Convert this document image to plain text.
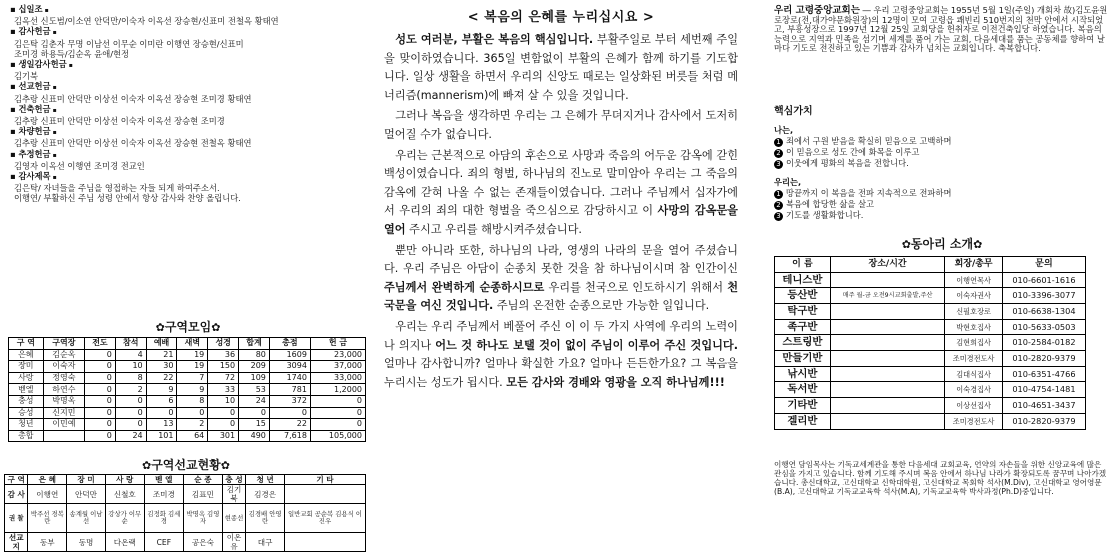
▪ 십일조 ▪
김옥선 신도범/이소연 안덕만/이숙자 이옥선 장승현/신표미 전철옥 황태연
▪ 감사헌금 ▪
김은탁 김춘자 무명 이남선 이무순 이미란 이행연 장승현/신표미
조미경 하용득/김순옥 윤애/현정
▪ 생일감사헌금 ▪
김기북
▪ 선교헌금 ▪
김추랑 신표미 안덕만 이상선 이숙자 이옥선 장승현 조미경 황태연
▪ 건축헌금 ▪
김추랑 신표미 안덕만 이상선 이숙자 이옥선 장승현 조미경
▪ 차량헌금 ▪
김추랑 신표미 안덕만 이상선 이숙자 이옥선 장승현 전철옥 황태연
▪ 추정헌금 ▪
김영자 이옥선 이행연 조미경 전교인
▪ 감사제목 ▪
김은탁/ 자녀들을 주님을 영접하는 자들 되게 하여주소서.
이행연/ 부활하신 주님 성령 안에서 항상 감사와 찬양 올립니다.
✿구역모임✿
구 역	구역장	전도	참석	예배	새벽	성경	합계	총점	헌 금
은혜	김순옥	0	4	21	19	36	80	1609	23,000
장미	이숙자	0	10	30	19	150	209	3094	37,000
사랑	정영숙	0	8	22	7	72	109	1740	33,000
벧엘	하연수	0	2	9	9	33	53	781	1,2000
충성	박명옥	0	0	6	8	10	24	372	0
승성	신지민	0	0	0	0	0	0	0	0
청년	이민예	0	0	13	2	0	15	22	0
총합		0	24	101	64	301	490	7,618	105,000
✿구역선교현황✿
구 역	은 혜	장 미	사 랑	벧 엘	순 종	충 성	청 년	기 타
감 사	이행연	안덕만	신철호	조미경	김표민	김기북	김경은	
권 찰	박주선 경복란	송계월 이남선	강상가 이무순	김정화 김세경	박명옥 김영자	현종선	김경배 안영란	일반교회 공순복 김용식 이진우
선교지	동부	동명	다온랙	CEF	공은숙	이온유	대구	
< 복음의 은혜를 누리십시요 >

성도 여러분, 부활은 복음의 핵심입니다. 부활주일로 부터 세번째 주일을 맞이하였습니다. 365일 변함없이 부활의 은혜가 함께 하기를 기도합니다. 일상 생활을 하면서 우리의 신앙도 때로는 일상화된 버릇들 처럼 메너리즘(mannerism)에 빠져 살 수 있을 것입니다.

그러나 복음을 생각하면 우리는 그 은혜가 무뎌지거나 감사에서 도저히 멀어질 수가 없습니다.

우리는 근본적으로 아담의 후손으로 사망과 죽음의 어두운 감옥에 갇힌 백성이였습니다. 죄의 형벌, 하나님의 진노로 말미암아 우리는 그 죽음의 감옥에 갇혀 나올 수 없는 존재들이였습니다. 그러나 주님께서 십자가에서 우리의 죄의 대한 형벌을 죽으심으로 감당하시고 이 사망의 감옥문을 열어 주시고 우리를 해방시켜주셨습니다.

뿐만 아니라 또한, 하나님의 나라, 영생의 나라의 문을 열어 주셨습니다. 우리 주님은 아담이 순종치 못한 것을 참 하나님이시며 참 인간이신 주님께서 완벽하게 순종하시므로 우리를 천국으로 인도하시기 위해서 천국문을 여신 것입니다. 주님의 온전한 순종으로만 가능한 일입니다.

우리는 우리 주님께서 베풀어 주신 이 이 두 가지 사역에 우리의 노력이나 의지나 어느 것 하나도 보탤 것이 없이 주님이 이루어 주신 것입니다. 얼마나 감사합니까? 얼마나 확실한 가요? 얼마나 든든한가요? 그 복음을 누리시는 성도가 됩시다. 모든 감사와 경배와 영광을 오직 하나님께!!!

우리 고령중앙교회는 ― 우리 고령중앙교회는 1955년 5월 1일(주일) 개회차 故)김도윤원로장로(전,대가야문화원장)의 12명이 모여 고령읍 쾌빈리 510번지의 천막 안에서 시작되었고, 부흥성장으로 1997년 12월 25일 교회당을 헌취자로 이전건축입당 하였습니다. 복음의 능력으로 지역과 민족을 섬기며 세계를 품어 가는 교회, 다음세대를 품는 공동체를 향하여 날마다 기도로 전진하고 있는 기쁨과 감사가 넘치는 교회입니다. 축복합니다.
핵심가치
나는,
1 죄에서 구원 받음을 확실히 믿음으로 고백하며
2 이 믿음으로 성도 간에 화목을 이루고
3 이웃에게 평화의 복음을 전합니다.
우리는,
1 땅끝까지 이 복음을 전파 지속적으로 전파하며
2 복음에 합당한 삶을 살고
3 기도를 생활화합니다.
✿동아리 소개✿
이 름	장소/시간	회장/총무	문의
테니스반		이행연목사	010-6601-1616
등산반	매주 월-금 오전9시교회출발,주산	이숙자권사	010-3396-3077
탁구반		신필호장로	010-6638-1304
족구반		박현호집사	010-5633-0503
스트링반		김현희집사	010-2584-0182
만들기반		조미경전도사	010-2820-9379
낚시반		김대식집사	010-6351-4766
독서반		이숙경집사	010-4754-1481
기타반		이상선집사	010-4651-3437
겔리반		조미경전도사	010-2820-9379
이행연 담임목사는 기독교세계관을 통한 다음세대 교회교육, 언약의 자손들을 위한 신앙교육에 많은 관심을 가지고 있습니다. 함께 기도해 주시며 복음 안에서 하나님 나라가 확장되도록 꿈꾸며 나아가겠습니다. 총신대학교, 고신대학교 신학대학원, 고신대학교 목회학 석사(M.Div), 고신대학교 영어영문(B.A), 고신대학교 기독교교육학 석사(M.A), 기독교교육학 박사과정(Ph.D)중입니다.
